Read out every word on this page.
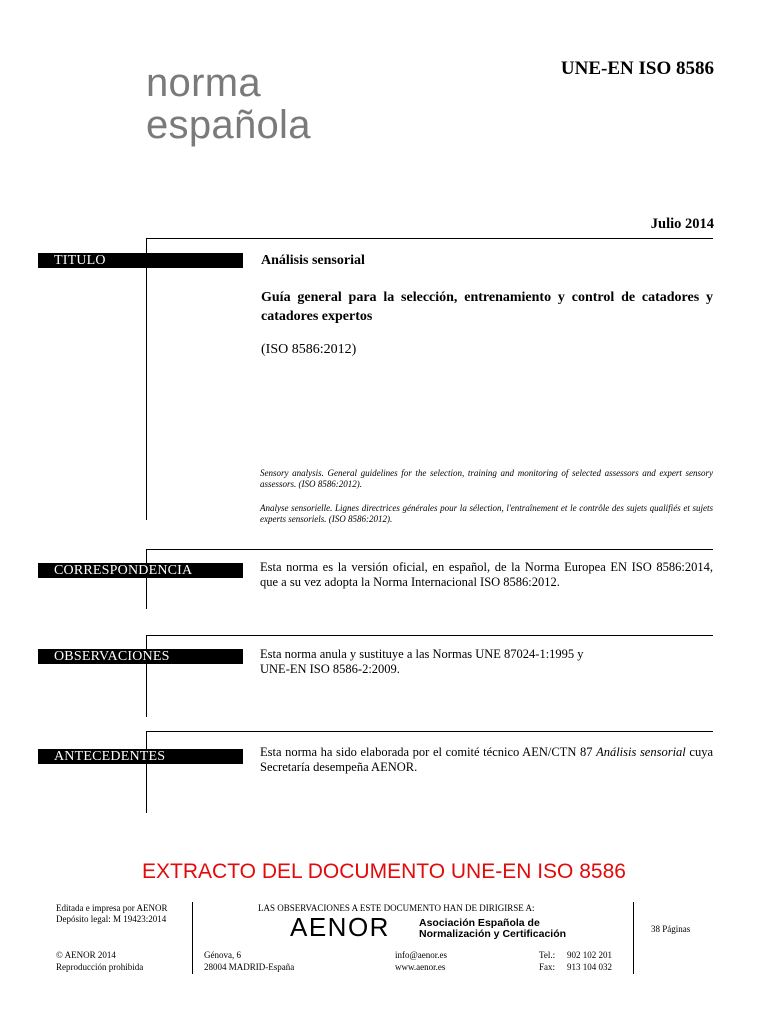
norma
española
UNE-EN ISO 8586
Julio 2014
TITULO	Análisis sensorial
Guía general para la selección, entrenamiento y control de catadores y catadores expertos
(ISO 8586:2012)
Sensory analysis. General guidelines for the selection, training and monitoring of selected assessors and expert sensory assessors. (ISO 8586:2012).
Analyse sensorielle. Lignes directrices générales pour la sélection, l'entraînement et le contrôle des sujets qualifiés et sujets experts sensoriels. (ISO 8586:2012).
CORRESPONDENCIA	Esta norma es la versión oficial, en español, de la Norma Europea EN ISO 8586:2014, que a su vez adopta la Norma Internacional ISO 8586:2012.
OBSERVACIONES	Esta norma anula y sustituye a las Normas UNE 87024-1:1995 y
UNE-EN ISO 8586-2:2009.
ANTECEDENTES	Esta norma ha sido elaborada por el comité técnico AEN/CTN 87 Análisis sensorial cuya Secretaría desempeña AENOR.
EXTRACTO DEL DOCUMENTO UNE-EN ISO 8586
Editada e impresa por AENOR
Depósito legal: M 19423:2014
© AENOR 2014
Reproducción prohibida
LAS OBSERVACIONES A ESTE DOCUMENTO HAN DE DIRIGIRSE A:
AENOR	Asociación Española de
Normalización y Certificación
Génova, 6
28004 MADRID-España
info@aenor.es
www.aenor.es
Tel.: 902 102 201
Fax: 913 104 032
38 Páginas
